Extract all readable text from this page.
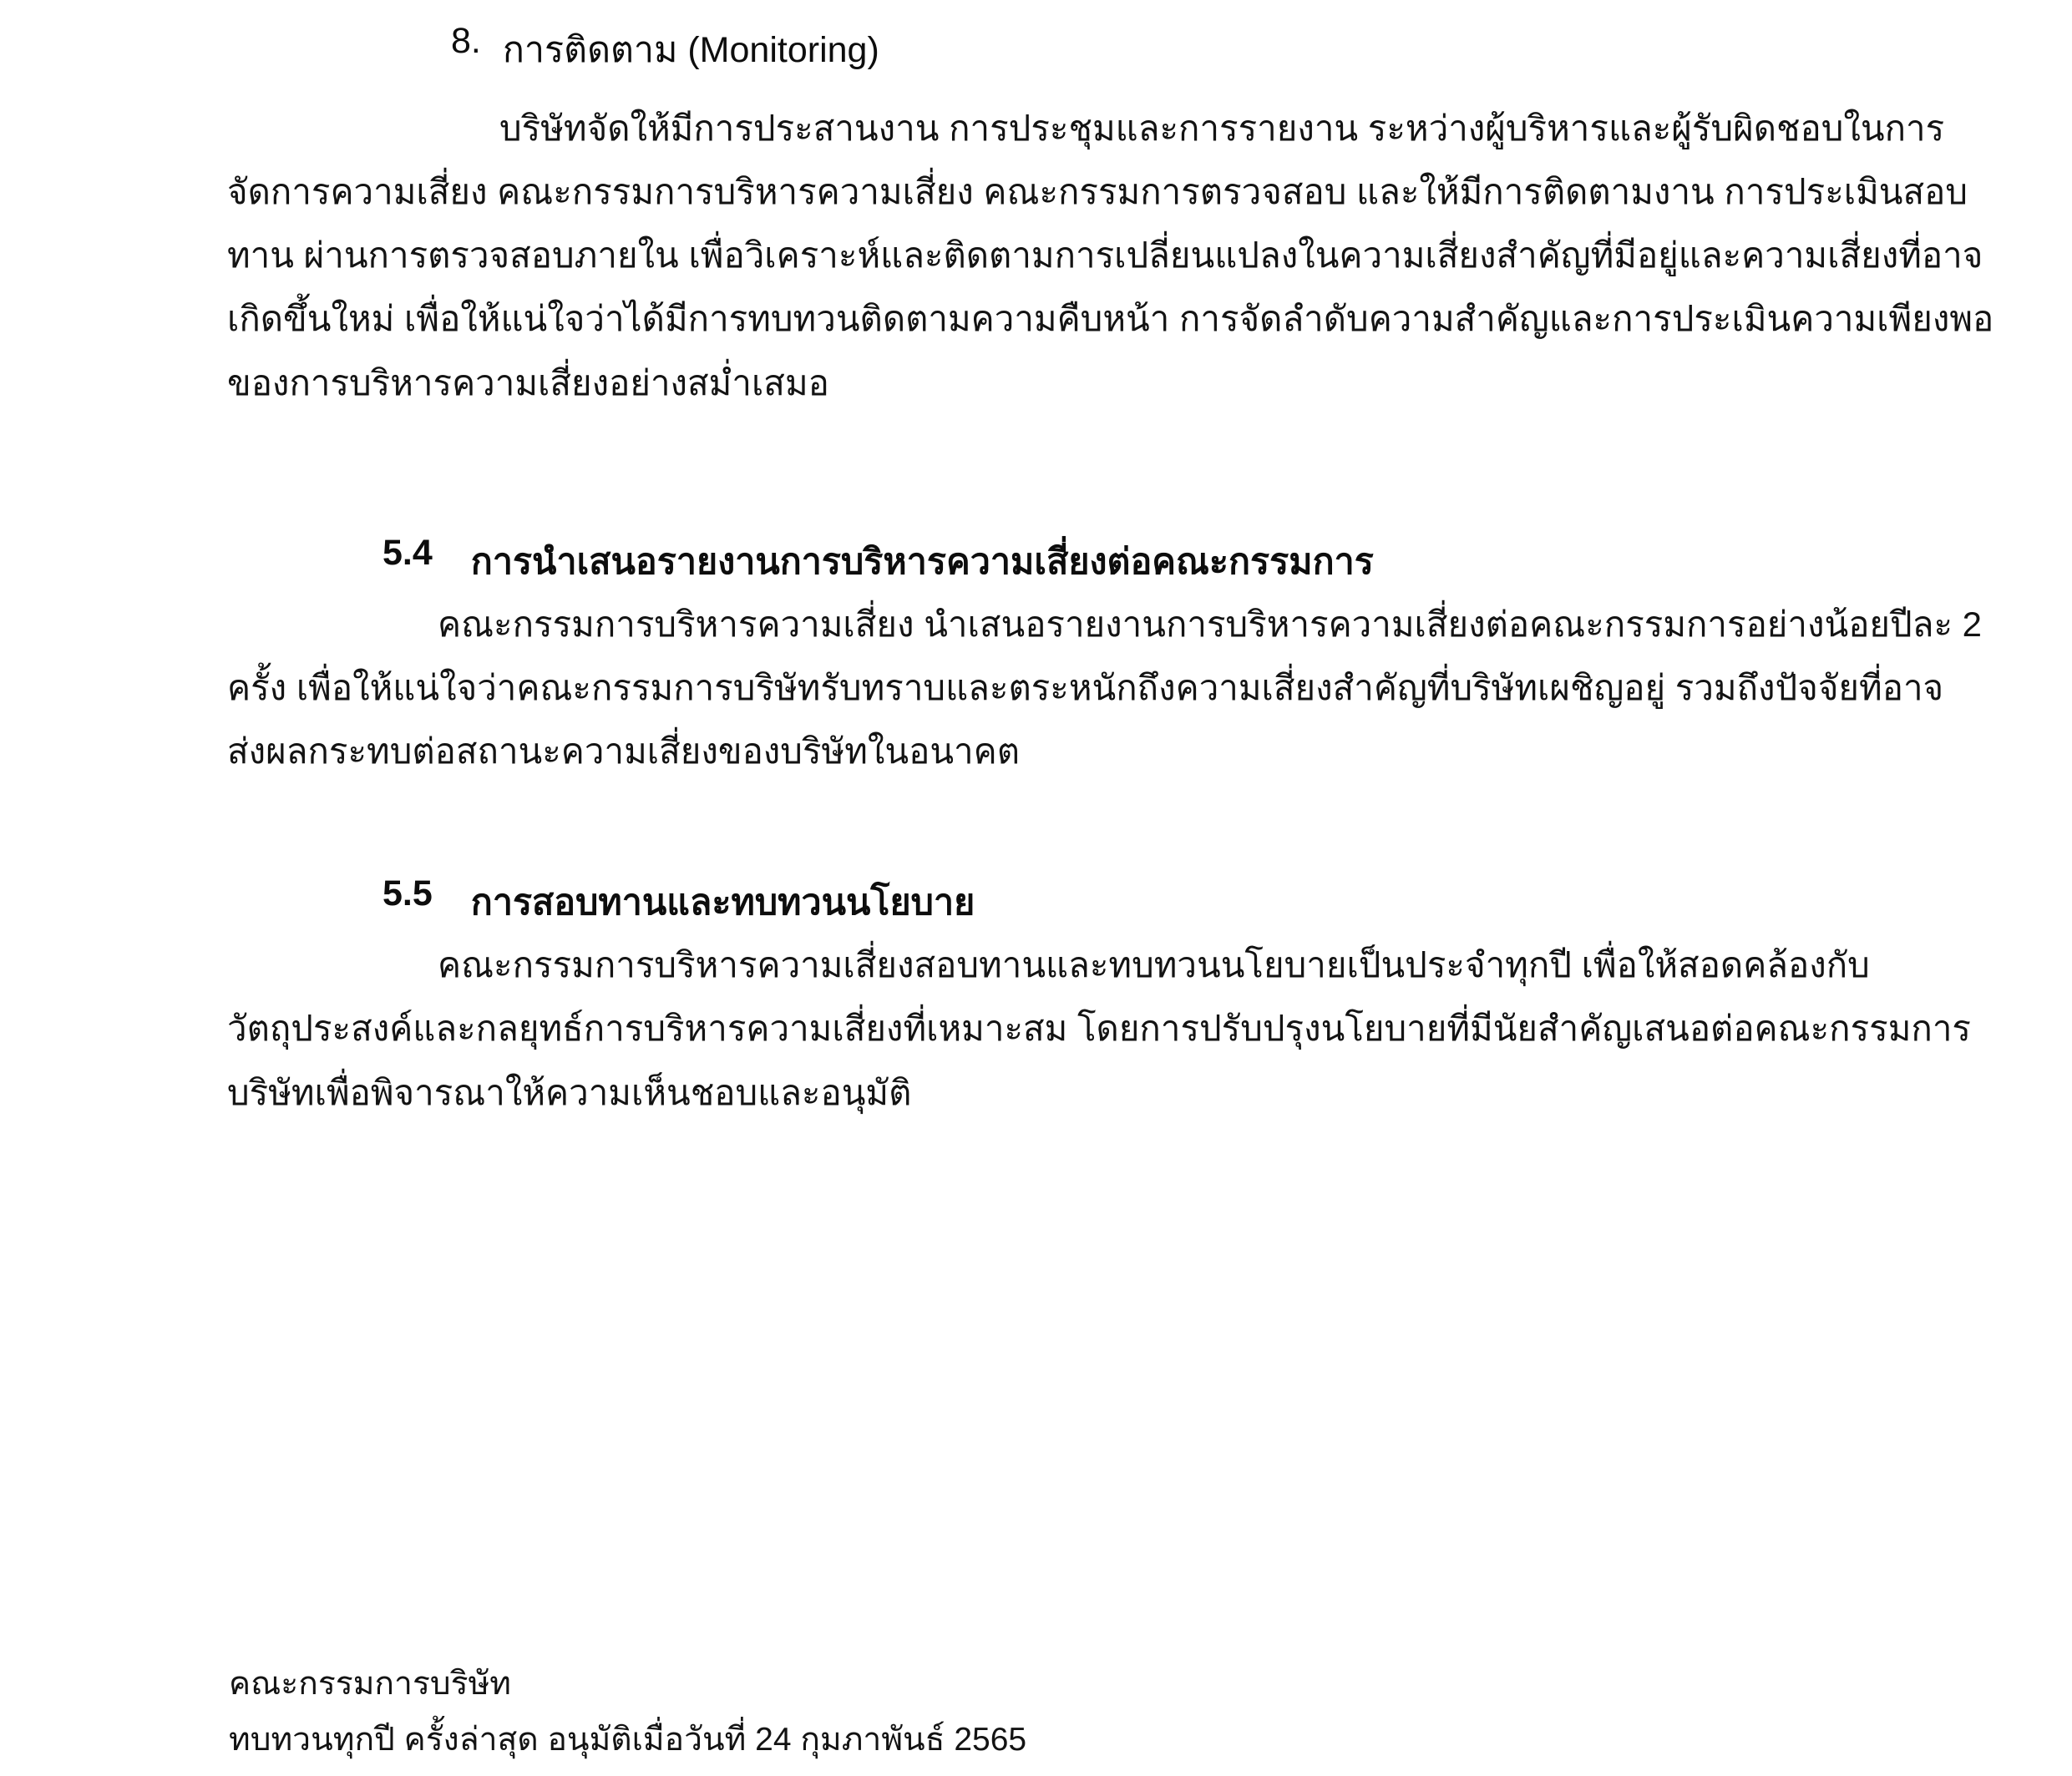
8. การติดตาม (Monitoring)
บริษัทจัดให้มีการประสานงาน การประชุมและการรายงาน ระหว่างผู้บริหารและผู้รับผิดชอบในการ
จัดการความเสี่ยง คณะกรรมการบริหารความเสี่ยง คณะกรรมการตรวจสอบ และให้มีการติดตามงาน การประเมินสอบ
ทาน ผ่านการตรวจสอบภายใน เพื่อวิเคราะห์และติดตามการเปลี่ยนแปลงในความเสี่ยงสำคัญที่มีอยู่และความเสี่ยงที่อาจ
เกิดขึ้นใหม่ เพื่อให้แน่ใจว่าได้มีการทบทวนติดตามความคืบหน้า การจัดลำดับความสำคัญและการประเมินความเพียงพอ
ของการบริหารความเสี่ยงอย่างสม่ำเสมอ
5.4 การนำเสนอรายงานการบริหารความเสี่ยงต่อคณะกรรมการ
คณะกรรมการบริหารความเสี่ยง นำเสนอรายงานการบริหารความเสี่ยงต่อคณะกรรมการอย่างน้อยปีละ 2
ครั้ง เพื่อให้แน่ใจว่าคณะกรรมการบริษัทรับทราบและตระหนักถึงความเสี่ยงสำคัญที่บริษัทเผชิญอยู่ รวมถึงปัจจัยที่อาจ
ส่งผลกระทบต่อสถานะความเสี่ยงของบริษัทในอนาคต
5.5 การสอบทานและทบทวนนโยบาย
คณะกรรมการบริหารความเสี่ยงสอบทานและทบทวนนโยบายเป็นประจำทุกปี เพื่อให้สอดคล้องกับ
วัตถุประสงค์และกลยุทธ์การบริหารความเสี่ยงที่เหมาะสม โดยการปรับปรุงนโยบายที่มีนัยสำคัญเสนอต่อคณะกรรมการ
บริษัทเพื่อพิจารณาให้ความเห็นชอบและอนุมัติ
คณะกรรมการบริษัท
ทบทวนทุกปี ครั้งล่าสุด อนุมัติเมื่อวันที่ 24 กุมภาพันธ์ 2565
